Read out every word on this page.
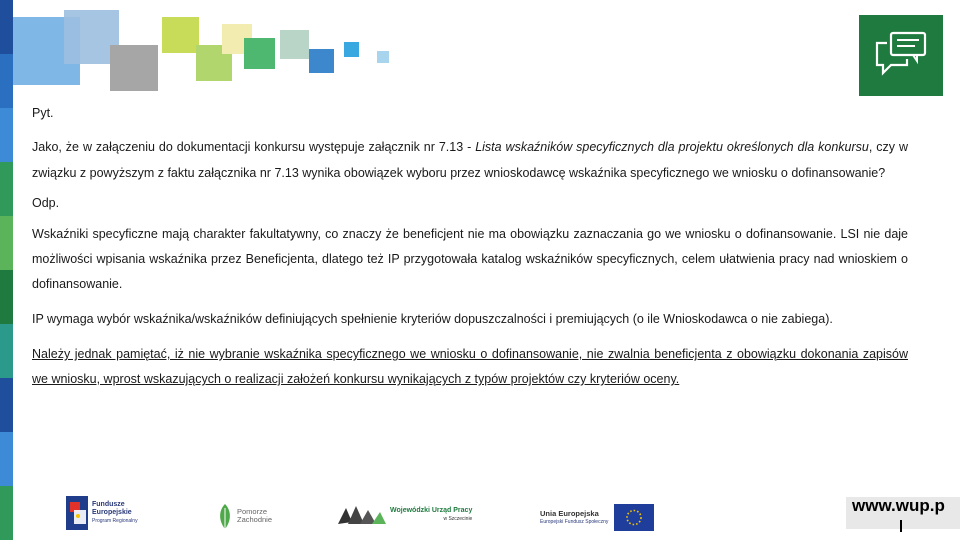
Pyt.

Jako, że w załączeniu do dokumentacji konkursu występuje załącznik nr 7.13 - Lista wskaźników specyficznych dla projektu określonych dla konkursu, czy w związku z powyższym z faktu załącznika nr 7.13 wynika obowiązek wyboru przez wnioskodawcę wskaźnika specyficznego we wniosku o dofinansowanie?

Odp.

Wskaźniki specyficzne mają charakter fakultatywny, co znaczy że beneficjent nie ma obowiązku zaznaczania go we wniosku o dofinansowanie. LSI nie daje możliwości wpisania wskaźnika przez Beneficjenta, dlatego też IP przygotowała katalog wskaźników specyficznych, celem ułatwienia pracy nad wnioskiem o dofinansowanie.

IP wymaga wybór wskaźnika/wskaźników definiujących spełnienie kryteriów dopuszczalności i premiujących (o ile Wnioskodawca o nie zabiega).

Należy jednak pamiętać, iż nie wybranie wskaźnika specyficznego we wniosku o dofinansowanie, nie zwalnia beneficjenta z obowiązku dokonania zapisów we wniosku, wprost wskazujących o realizacji założeń konkursu wynikających z typów projektów czy kryteriów oceny.

Fundusze
Europejskie
Program Regionalny
Pomorze
Zachodnie
Wojewódzki Urząd Pracy
w Szczecinie
Unia Europejska
Europejski Fundusz Społeczny
www.wup.p
